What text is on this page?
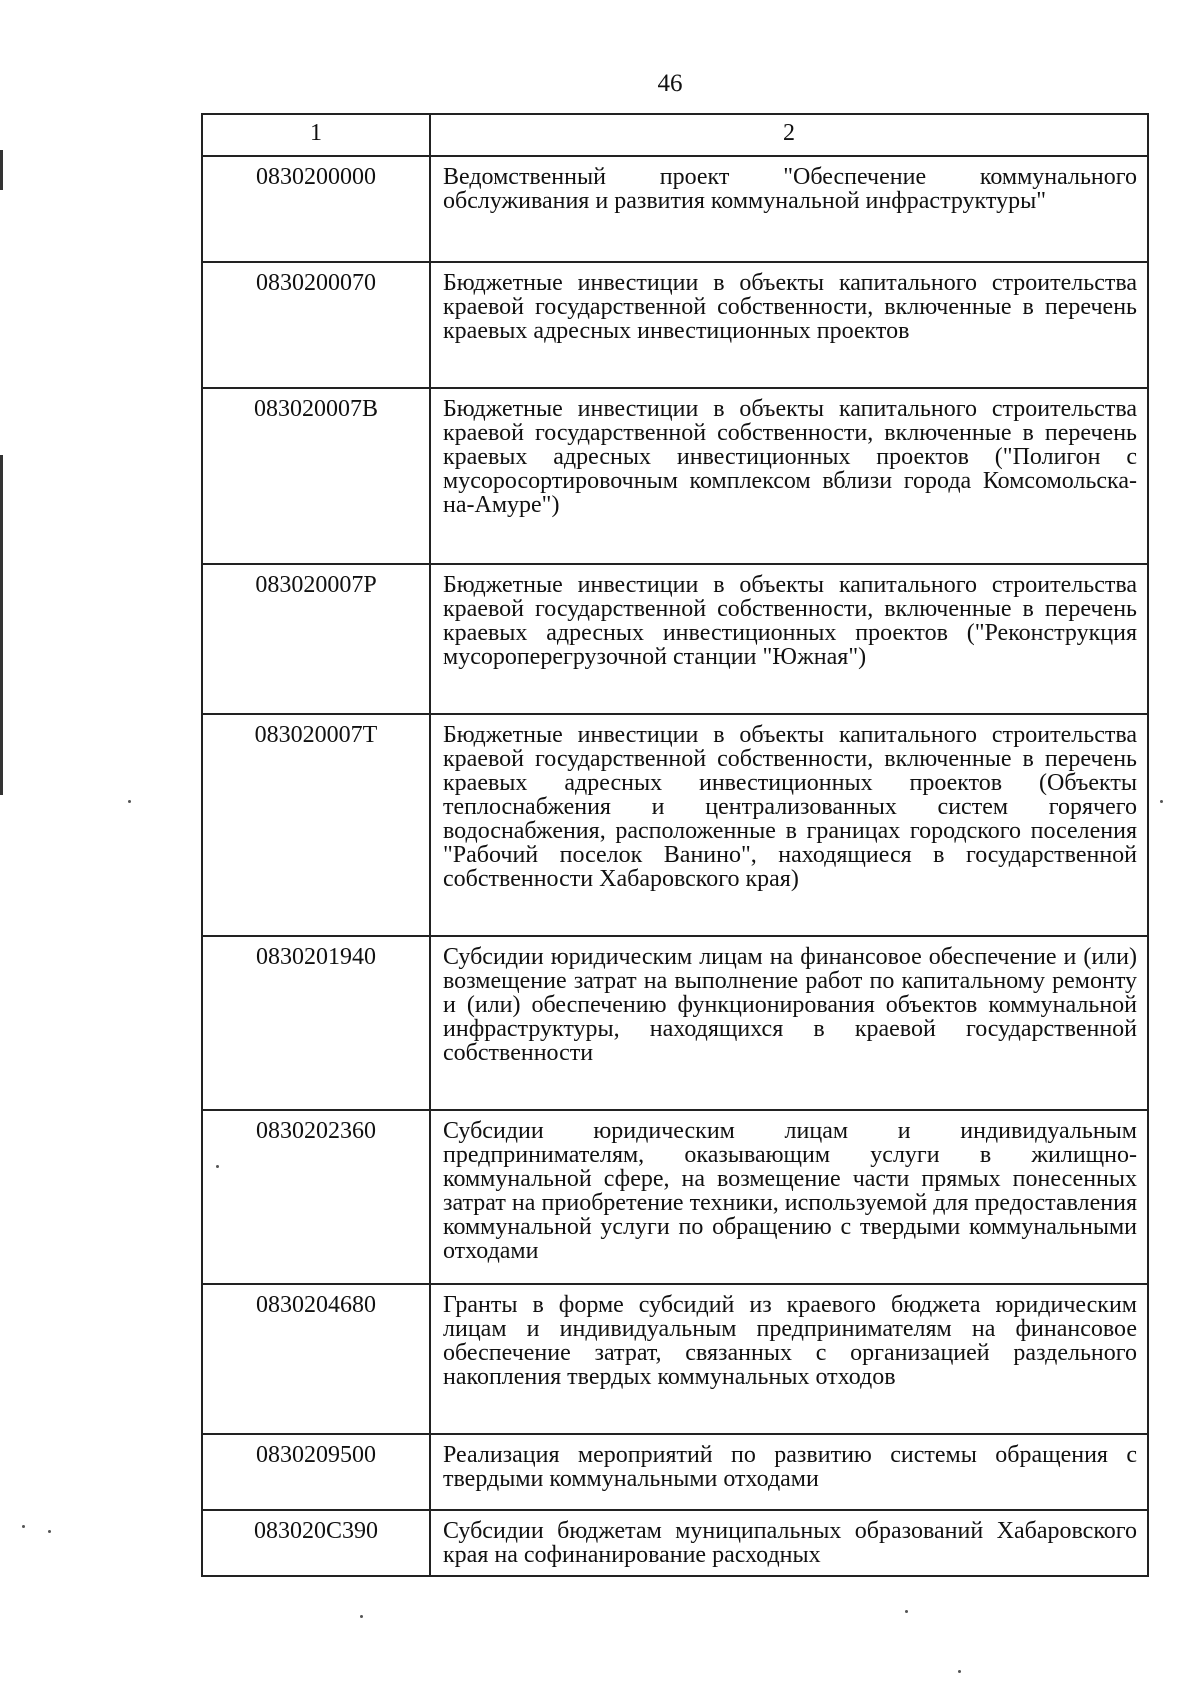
46
1	2
0830200000	Ведомственный проект "Обеспечение коммунального обслуживания и развития коммунальной инфраструктуры"
0830200070	Бюджетные инвестиции в объекты капитального строительства краевой государственной собственности, включенные в перечень краевых адресных инвестиционных проектов
083020007В	Бюджетные инвестиции в объекты капитального строительства краевой государственной собственности, включенные в перечень краевых адресных инвестиционных проектов ("Полигон с мусоросортировочным комплексом вблизи города Комсомольска-на-Амуре")
083020007Р	Бюджетные инвестиции в объекты капитального строительства краевой государственной собственности, включенные в перечень краевых адресных инвестиционных проектов ("Реконструкция мусороперегрузочной станции "Южная")
083020007Т	Бюджетные инвестиции в объекты капитального строительства краевой государственной собственности, включенные в перечень краевых адресных инвестиционных проектов (Объекты теплоснабжения и централизованных систем горячего водоснабжения, расположенные в границах городского поселения "Рабочий поселок Ванино", находящиеся в государственной собственности Хабаровского края)
0830201940	Субсидии юридическим лицам на финансовое обеспечение и (или) возмещение затрат на выполнение работ по капитальному ремонту и (или) обеспечению функционирования объектов коммунальной инфраструктуры, находящихся в краевой государственной собственности
0830202360	Субсидии юридическим лицам и индивидуальным предпринимателям, оказывающим услуги в жилищно-коммунальной сфере, на возмещение части прямых понесенных затрат на приобретение техники, используемой для предоставления коммунальной услуги по обращению с твердыми коммунальными отходами
0830204680	Гранты в форме субсидий из краевого бюджета юридическим лицам и индивидуальным предпринимателям на финансовое обеспечение затрат, связанных с организацией раздельного накопления твердых коммунальных отходов
0830209500	Реализация мероприятий по развитию системы обращения с твердыми коммунальными отходами
083020С390	Субсидии бюджетам муниципальных образований Хабаровского края на софинанирование расходных
